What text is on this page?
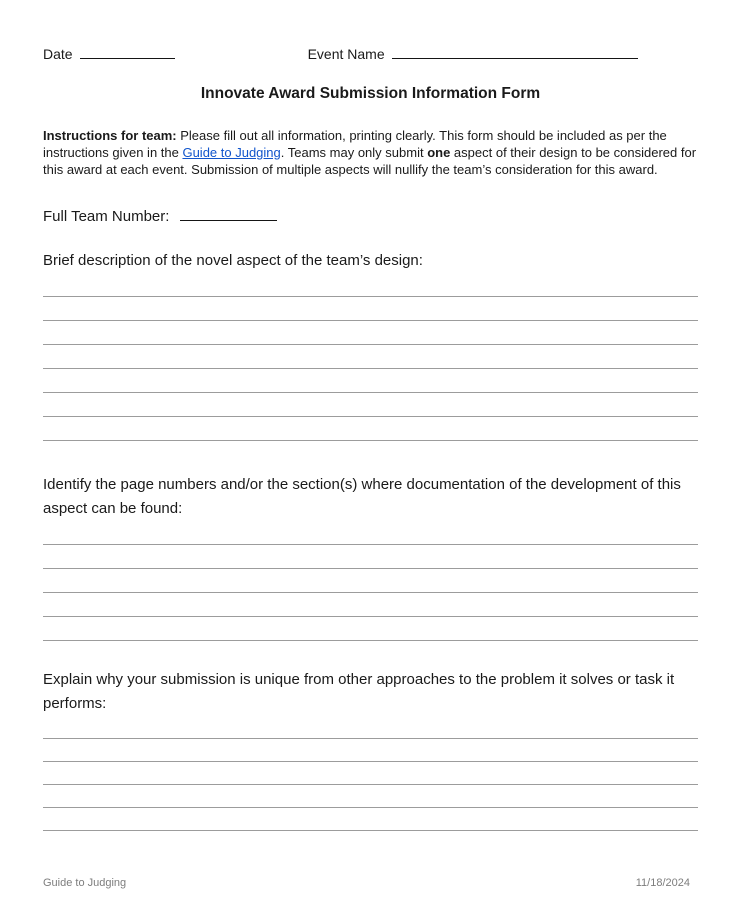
Date	Event Name
Innovate Award Submission Information Form

Instructions for team: Please fill out all information, printing clearly. This form should be included as per the instructions given in the Guide to Judging. Teams may only submit one aspect of their design to be considered for this award at each event. Submission of multiple aspects will nullify the team’s consideration for this award.

Full Team Number:

Brief description of the novel aspect of the team’s design:

Identify the page numbers and/or the section(s) where documentation of the development of this aspect can be found:

Explain why your submission is unique from other approaches to the problem it solves or task it performs:

Guide to Judging	11/18/2024
